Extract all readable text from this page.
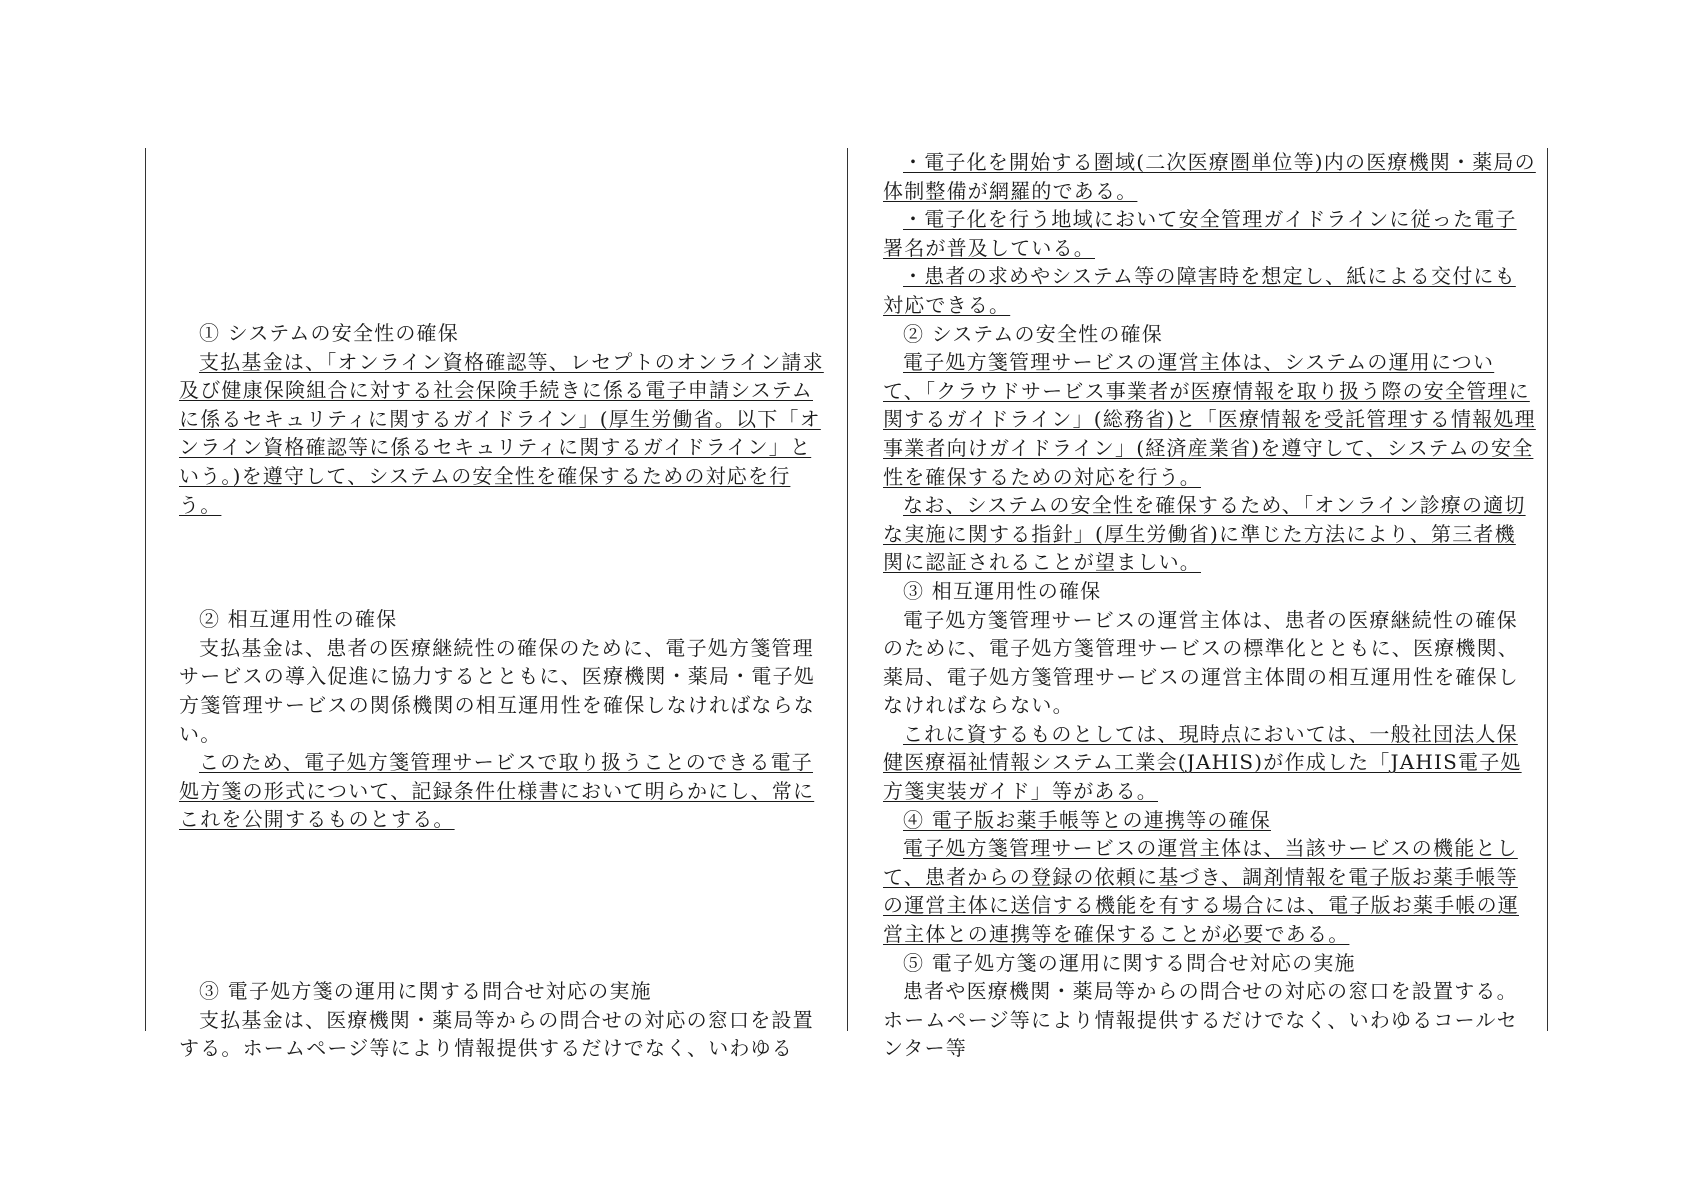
① システムの安全性の確保

支払基金は、「オンライン資格確認等、レセプトのオンライン請求及び健康保険組合に対する社会保険手続きに係る電子申請システムに係るセキュリティに関するガイドライン」(厚生労働省。以下「オンライン資格確認等に係るセキュリティに関するガイドライン」という。)を遵守して、システムの安全性を確保するための対応を行う。

② 相互運用性の確保

支払基金は、患者の医療継続性の確保のために、電子処方箋管理サービスの導入促進に協力するとともに、医療機関・薬局・電子処方箋管理サービスの関係機関の相互運用性を確保しなければならない。

このため、電子処方箋管理サービスで取り扱うことのできる電子処方箋の形式について、記録条件仕様書において明らかにし、常にこれを公開するものとする。

③ 電子処方箋の運用に関する問合せ対応の実施

支払基金は、医療機関・薬局等からの問合せの対応の窓口を設置する。ホームページ等により情報提供するだけでなく、いわゆる

・電子化を開始する圏域(二次医療圏単位等)内の医療機関・薬局の体制整備が網羅的である。

・電子化を行う地域において安全管理ガイドラインに従った電子署名が普及している。

・患者の求めやシステム等の障害時を想定し、紙による交付にも対応できる。

② システムの安全性の確保

電子処方箋管理サービスの運営主体は、システムの運用について、「クラウドサービス事業者が医療情報を取り扱う際の安全管理に関するガイドライン」(総務省)と「医療情報を受託管理する情報処理事業者向けガイドライン」(経済産業省)を遵守して、システムの安全性を確保するための対応を行う。

なお、システムの安全性を確保するため、「オンライン診療の適切な実施に関する指針」(厚生労働省)に準じた方法により、第三者機関に認証されることが望ましい。

③ 相互運用性の確保

電子処方箋管理サービスの運営主体は、患者の医療継続性の確保のために、電子処方箋管理サービスの標準化とともに、医療機関、薬局、電子処方箋管理サービスの運営主体間の相互運用性を確保しなければならない。

これに資するものとしては、現時点においては、一般社団法人保健医療福祉情報システム工業会(JAHIS)が作成した「JAHIS電子処方箋実装ガイド」等がある。

④ 電子版お薬手帳等との連携等の確保

電子処方箋管理サービスの運営主体は、当該サービスの機能として、患者からの登録の依頼に基づき、調剤情報を電子版お薬手帳等の運営主体に送信する機能を有する場合には、電子版お薬手帳の運営主体との連携等を確保することが必要である。

⑤ 電子処方箋の運用に関する問合せ対応の実施

患者や医療機関・薬局等からの問合せの対応の窓口を設置する。ホームページ等により情報提供するだけでなく、いわゆるコールセンター等
